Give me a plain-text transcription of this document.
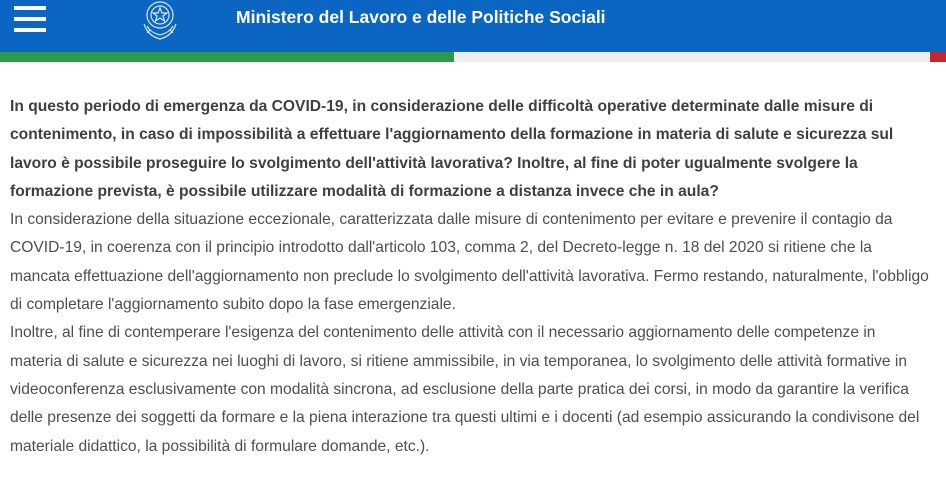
Ministero del Lavoro e delle Politiche Sociali

In questo periodo di emergenza da COVID-19, in considerazione delle difficoltà operative determinate dalle misure di contenimento, in caso di impossibilità a effettuare l'aggiornamento della formazione in materia di salute e sicurezza sul lavoro è possibile proseguire lo svolgimento dell'attività lavorativa? Inoltre, al fine di poter ugualmente svolgere la formazione prevista, è possibile utilizzare modalità di formazione a distanza invece che in aula?

In considerazione della situazione eccezionale, caratterizzata dalle misure di contenimento per evitare e prevenire il contagio da COVID-19, in coerenza con il principio introdotto dall'articolo 103, comma 2, del Decreto-legge n. 18 del 2020 si ritiene che la mancata effettuazione dell'aggiornamento non preclude lo svolgimento dell'attività lavorativa. Fermo restando, naturalmente, l'obbligo di completare l'aggiornamento subito dopo la fase emergenziale.

Inoltre, al fine di contemperare l'esigenza del contenimento delle attività con il necessario aggiornamento delle competenze in materia di salute e sicurezza nei luoghi di lavoro, si ritiene ammissibile, in via temporanea, lo svolgimento delle attività formative in videoconferenza esclusivamente con modalità sincrona, ad esclusione della parte pratica dei corsi, in modo da garantire la verifica delle presenze dei soggetti da formare e la piena interazione tra questi ultimi e i docenti (ad esempio assicurando la condivisone del materiale didattico, la possibilità di formulare domande, etc.).
